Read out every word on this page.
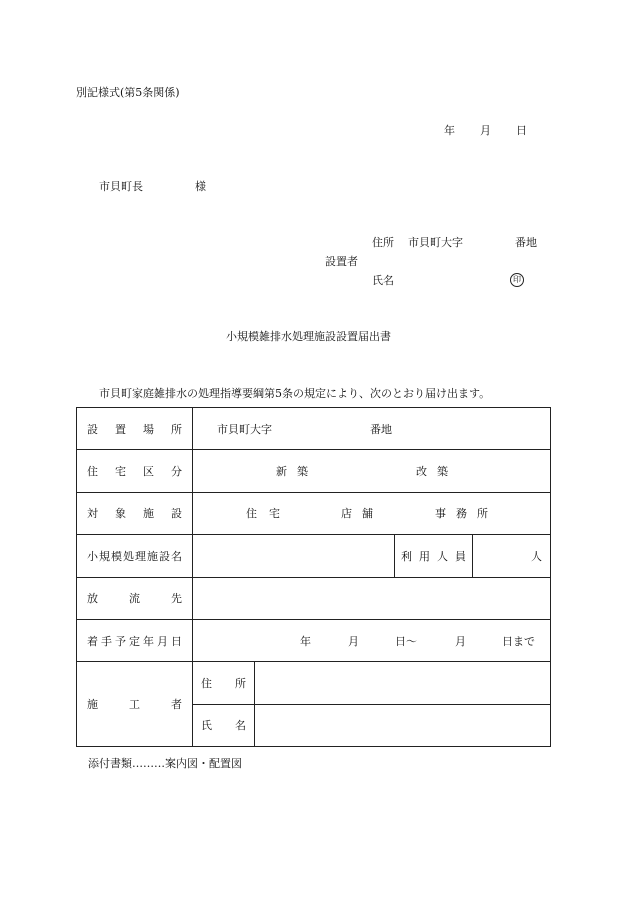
別記様式(第5条関係)
年 月 日
市貝町長	様
住所 市貝町大字	番地
設置者
氏名	印
小規模雑排水処理施設設置届出書
市貝町家庭雑排水の処理指導要綱第5条の規定により、次のとおり届け出ます。
設置場所	市貝町大字 番地			

住宅区分	新築 改築			

対象施設	住宅 店舗 事務所			

小規模処理施設名			利用人員	人

放流先				
着手予定年月日	年 月 日〜 月 日まで			

施工者	住所			
	氏名			
添付書類………案内図・配置図
